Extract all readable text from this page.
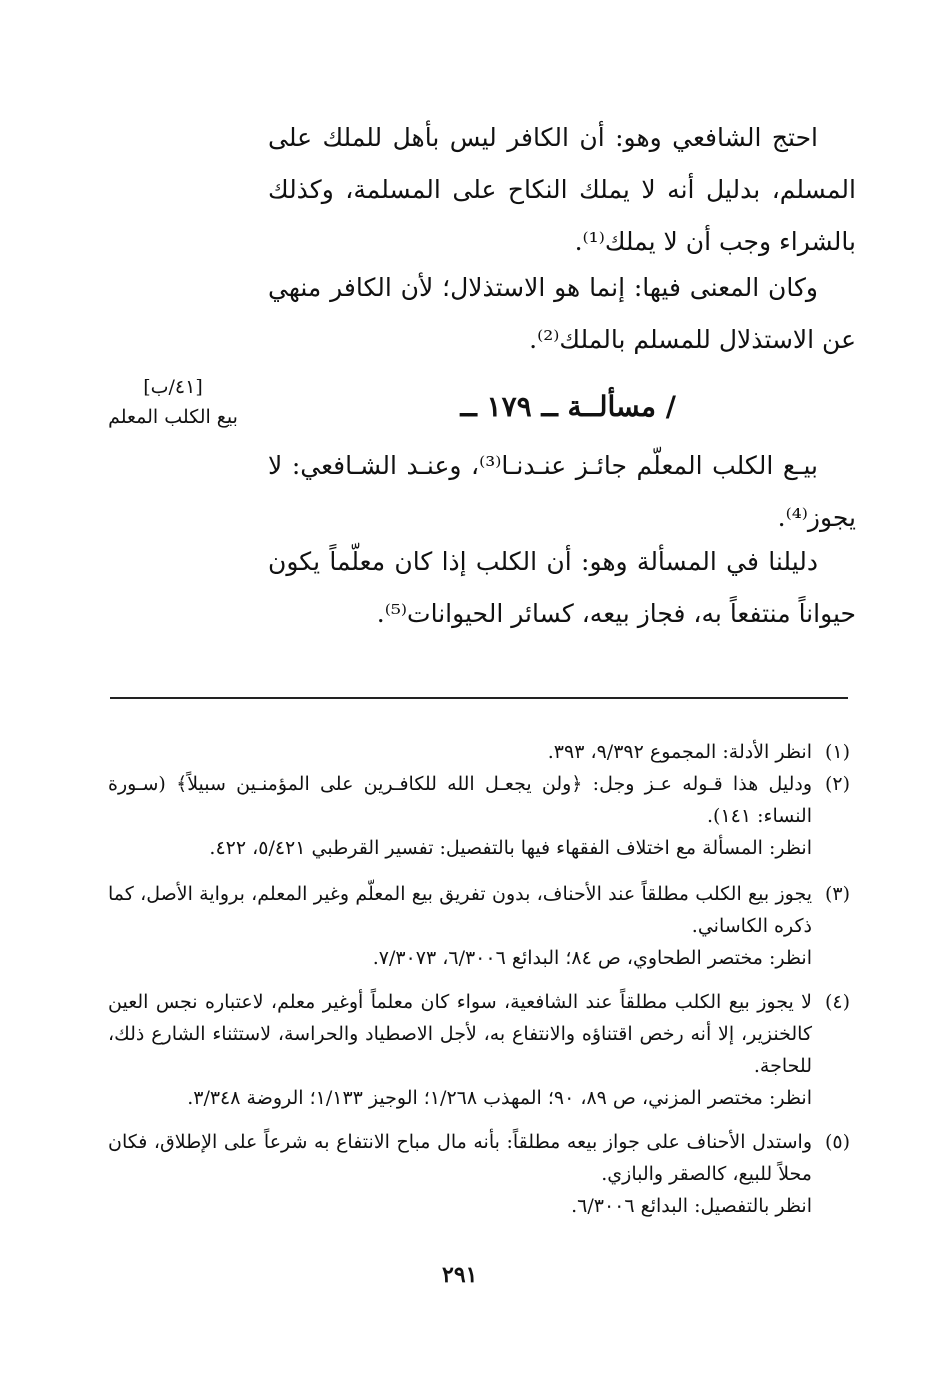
احتج الشافعي وهو: أن الكافر ليس بأهل للملك على المسلم، بدليل أنه لا يملك النكاح على المسلمة، وكذلك بالشراء وجب أن لا يملك⁽¹⁾.
وكان المعنى فيها: إنما هو الاستذلال؛ لأن الكافر منهي عن الاستذلال للمسلم بالملك⁽²⁾.
[٤١/ب]
بيع الكلب المعلم	/ مسألــة ــ ١٧٩ ــ
بيـع الكلب المعلّم جائـز عنـدنـا⁽³⁾، وعنـد الشـافعي: لا يجوز⁽⁴⁾.
دليلنا في المسألة وهو: أن الكلب إذا كان معلّماً يكون حيواناً منتفعاً به، فجاز بيعه، كسائر الحيوانات⁽⁵⁾.
(١)انظر الأدلة: المجموع ٩/٣٩٢، ٣٩٣.
(٢)
ودليل هذا قـوله عـز وجل: ﴿ولن يجعـل الله للكافـرين على المؤمنـين سبيلاً﴾ (سـورة النساء: ١٤١).
انظر: المسألة مع اختلاف الفقهاء فيها بالتفصيل: تفسير القرطبي ٥/٤٢١، ٤٢٢.
(٣)
يجوز بيع الكلب مطلقاً عند الأحناف، بدون تفريق بيع المعلّم وغير المعلم، برواية الأصل، كما ذكره الكاساني.
انظر: مختصر الطحاوي، ص ٨٤؛ البدائع ٦/٣٠٠٦، ٧/٣٠٧٣.
(٤)
لا يجوز بيع الكلب مطلقاً عند الشافعية، سواء كان معلماً أوغير معلم، لاعتباره نجس العين كالخنزير، إلا أنه رخص اقتناؤه والانتفاع به، لأجل الاصطياد والحراسة، لاستثناء الشارع ذلك، للحاجة.
انظر: مختصر المزني، ص ٨٩، ٩٠؛ المهذب ١/٢٦٨؛ الوجيز ١/١٣٣؛ الروضة ٣/٣٤٨.
(٥)
واستدل الأحناف على جواز بيعه مطلقاً: بأنه مال مباح الانتفاع به شرعاً على الإطلاق، فكان محلاً للبيع، كالصقر والبازي.
انظر بالتفصيل: البدائع ٦/٣٠٠٦.
٢٩١
